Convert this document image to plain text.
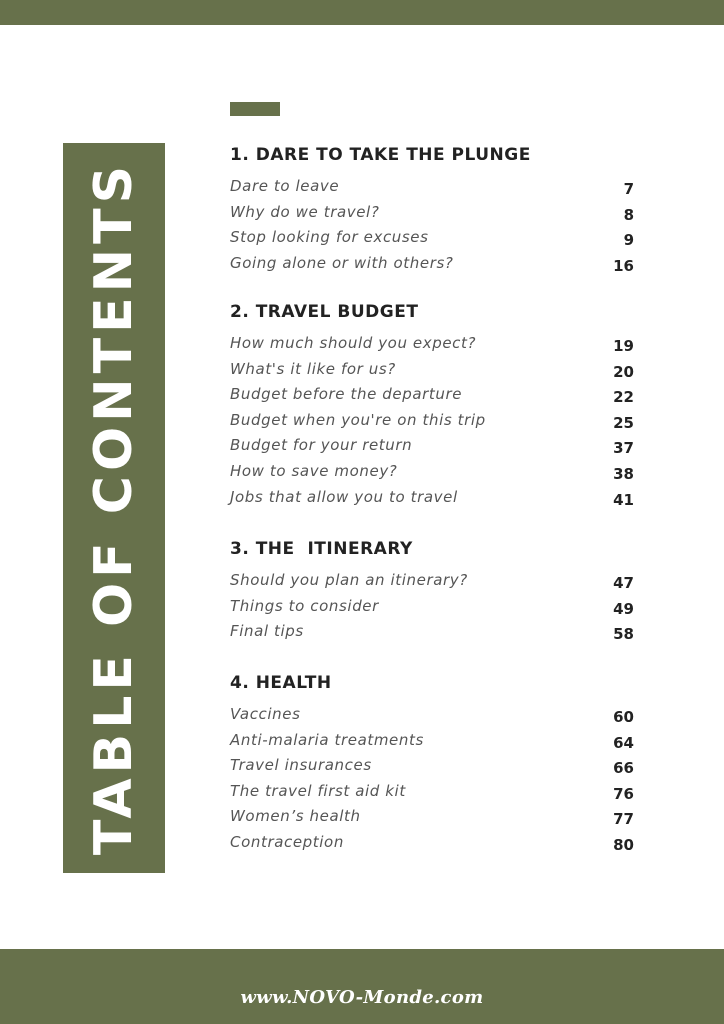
TABLE OF CONTENTS
1. DARE TO TAKE THE PLUNGE
Dare to leave	7
Why do we travel?	8
Stop looking for excuses	9
Going alone or with others?	16
2. TRAVEL BUDGET
How much should you expect?	19
What's it like for us?	20
Budget before the departure	22
Budget when you're on this trip	25
Budget for your return	37
How to save money?	38
Jobs that allow you to travel	41
3. THE  ITINERARY
Should you plan an itinerary?	47
Things to consider	49
Final tips	58
4. HEALTH
Vaccines	60
Anti-malaria treatments	64
Travel insurances	66
The travel first aid kit	76
Women’s health	77
Contraception	80
www.NOVO-Monde.com
